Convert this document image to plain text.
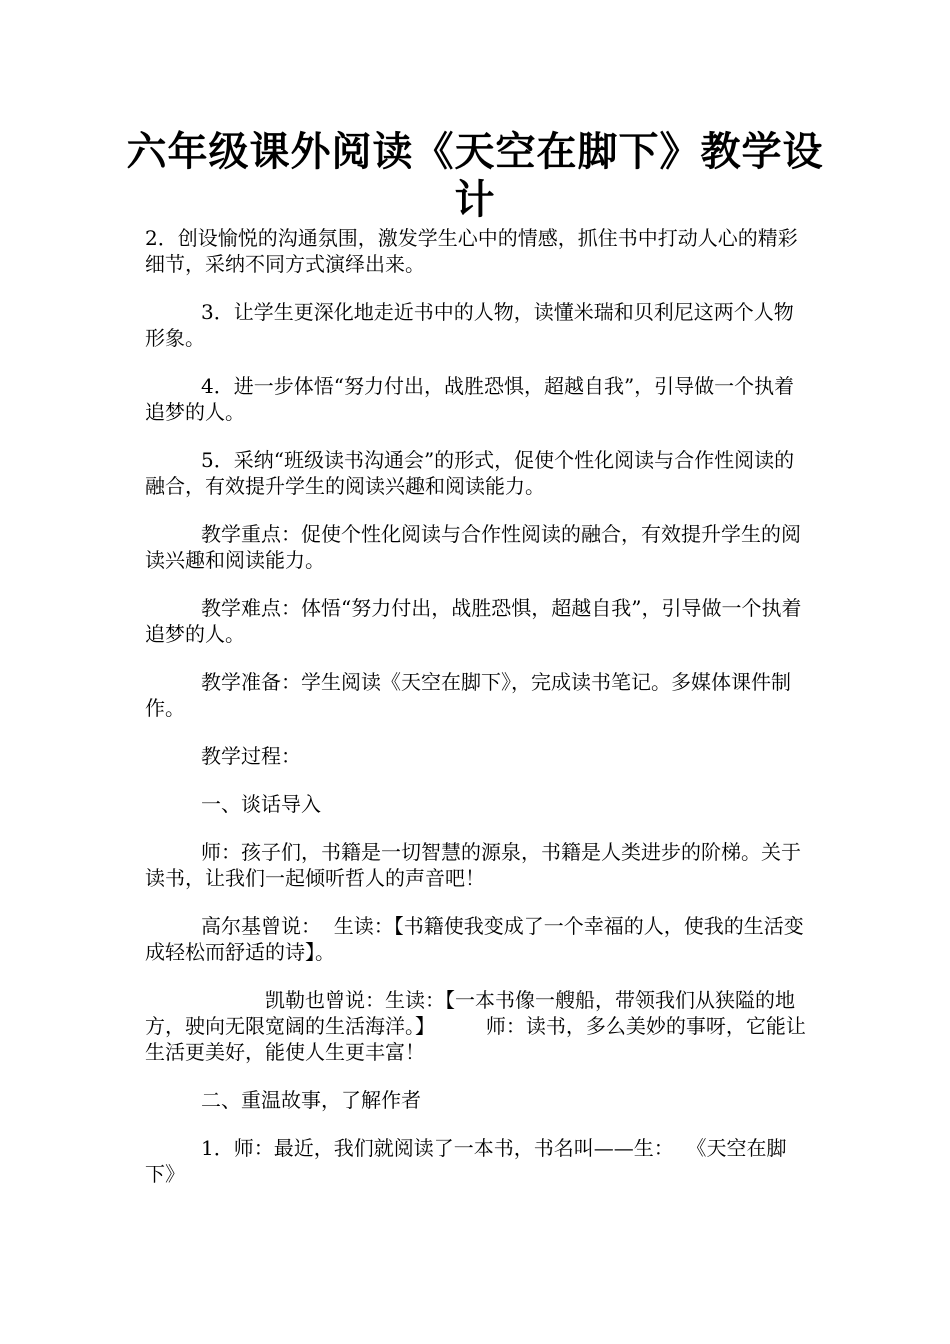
六年级课外阅读《天空在脚下》教学设计

2．创设愉悦的沟通氛围，激发学生心中的情感，抓住书中打动人心的精彩细节，采纳不同方式演绎出来。

3．让学生更深化地走近书中的人物，读懂米瑞和贝利尼这两个人物形象。

4．进一步体悟“努力付出，战胜恐惧，超越自我”，引导做一个执着追梦的人。

5．采纳“班级读书沟通会”的形式，促使个性化阅读与合作性阅读的融合，有效提升学生的阅读兴趣和阅读能力。

教学重点：促使个性化阅读与合作性阅读的融合，有效提升学生的阅读兴趣和阅读能力。

教学难点：体悟“努力付出，战胜恐惧，超越自我”，引导做一个执着追梦的人。

教学准备：学生阅读《天空在脚下》，完成读书笔记。多媒体课件制作。

教学过程：

一、谈话导入

师：孩子们，书籍是一切智慧的源泉，书籍是人类进步的阶梯。关于读书，让我们一起倾听哲人的声音吧！

高尔基曾说：  生读：【书籍使我变成了一个幸福的人，使我的生活变成轻松而舒适的诗】。

凯勒也曾说：生读：【一本书像一艘船，带领我们从狭隘的地方，驶向无限宽阔的生活海洋。】        师：读书，多么美妙的事呀，它能让生活更美好，能使人生更丰富！

二、重温故事，了解作者

1．师：最近，我们就阅读了一本书，书名叫——生：  《天空在脚下》
